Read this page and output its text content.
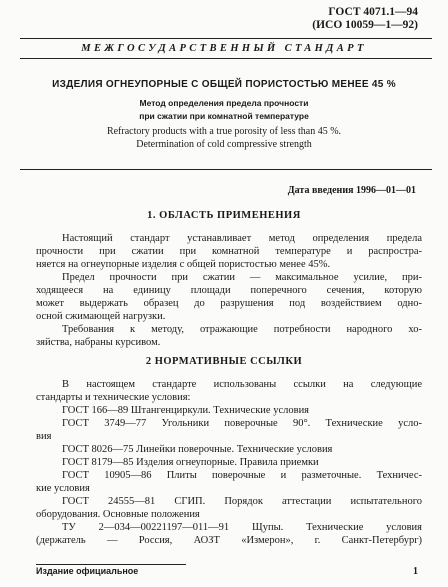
ГОСТ 4071.1—94
(ИСО 10059—1—92)
МЕЖГОСУДАРСТВЕННЫЙ СТАНДАРТ
ИЗДЕЛИЯ ОГНЕУПОРНЫЕ С ОБЩЕЙ ПОРИСТОСТЬЮ МЕНЕЕ 45 %
Метод определения предела прочности
при сжатии при комнатной температуре
Refractory products with a true porosity of less than 45 %.
Determination of cold compressive strength
Дата введения 1996—01—01
1. ОБЛАСТЬ ПРИМЕНЕНИЯ
Настоящий стандарт устанавливает метод определения предела
прочности при сжатии при комнатной температуре и распростра-
няется на огнеупорные изделия с общей пористостью менее 45%.
Предел прочности при сжатии — максимальное усилие, при-
ходящееся на единицу площади поперечного сечения, которую
может выдержать образец до разрушения под воздействием одно-
осной сжимающей нагрузки.
Требования к методу, отражающие потребности народного хо-
зяйства, набраны курсивом.
2 НОРМАТИВНЫЕ ССЫЛКИ
В настоящем стандарте использованы ссылки на следующие
стандарты и технические условия:
ГОСТ 166—89 Штангенциркули. Технические условия
ГОСТ 3749—77 Угольники поверочные 90°. Технические усло-
вия
ГОСТ 8026—75 Линейки поверочные. Технические условия
ГОСТ 8179—85 Изделия огнеупорные. Правила приемки
ГОСТ 10905—86 Плиты поверочные и разметочные. Техничес-
кие условия
ГОСТ 24555—81 СГИП. Порядок аттестации испытательного
оборудования. Основные положения
ТУ 2—034—00221197—011—91 Щупы. Технические условия
(держатель — Россия, АОЗТ «Измерон», г. Санкт-Петербург)
Издание официальное	1
